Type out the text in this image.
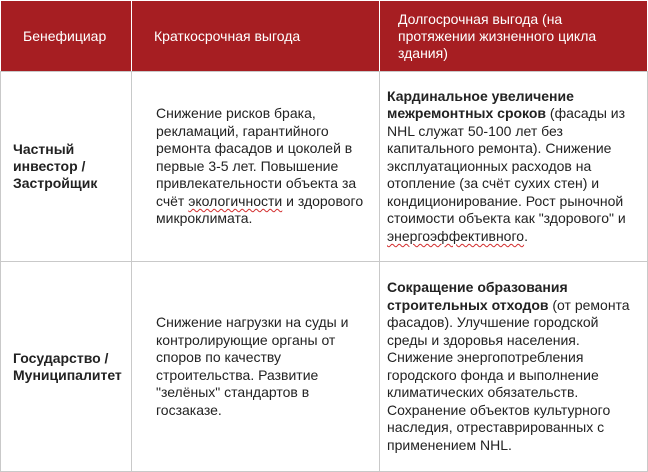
Бенефициар	Краткосрочная выгода	Долгосрочная выгода (на протяжении жизненного цикла здания)
Частный инвестор / Застройщик	Снижение рисков брака, рекламаций, гарантийного ремонта фасадов и цоколей в первые 3-5 лет. Повышение привлекательности объекта за счёт экологичности и здорового микроклимата.	Кардинальное увеличение межремонтных сроков (фасады из NHL служат 50-100 лет без капитального ремонта). Снижение эксплуатационных расходов на отопление (за счёт сухих стен) и кондиционирование. Рост рыночной стоимости объекта как "здорового" и энергоэффективного.
Государство / Муниципалитет	Снижение нагрузки на суды и контролирующие органы от споров по качеству строительства. Развитие "зелёных" стандартов в госзаказе.	Сокращение образования строительных отходов (от ремонта фасадов). Улучшение городской среды и здоровья населения. Снижение энергопотребления городского фонда и выполнение климатических обязательств. Сохранение объектов культурного наследия, отреставрированных с применением NHL.
